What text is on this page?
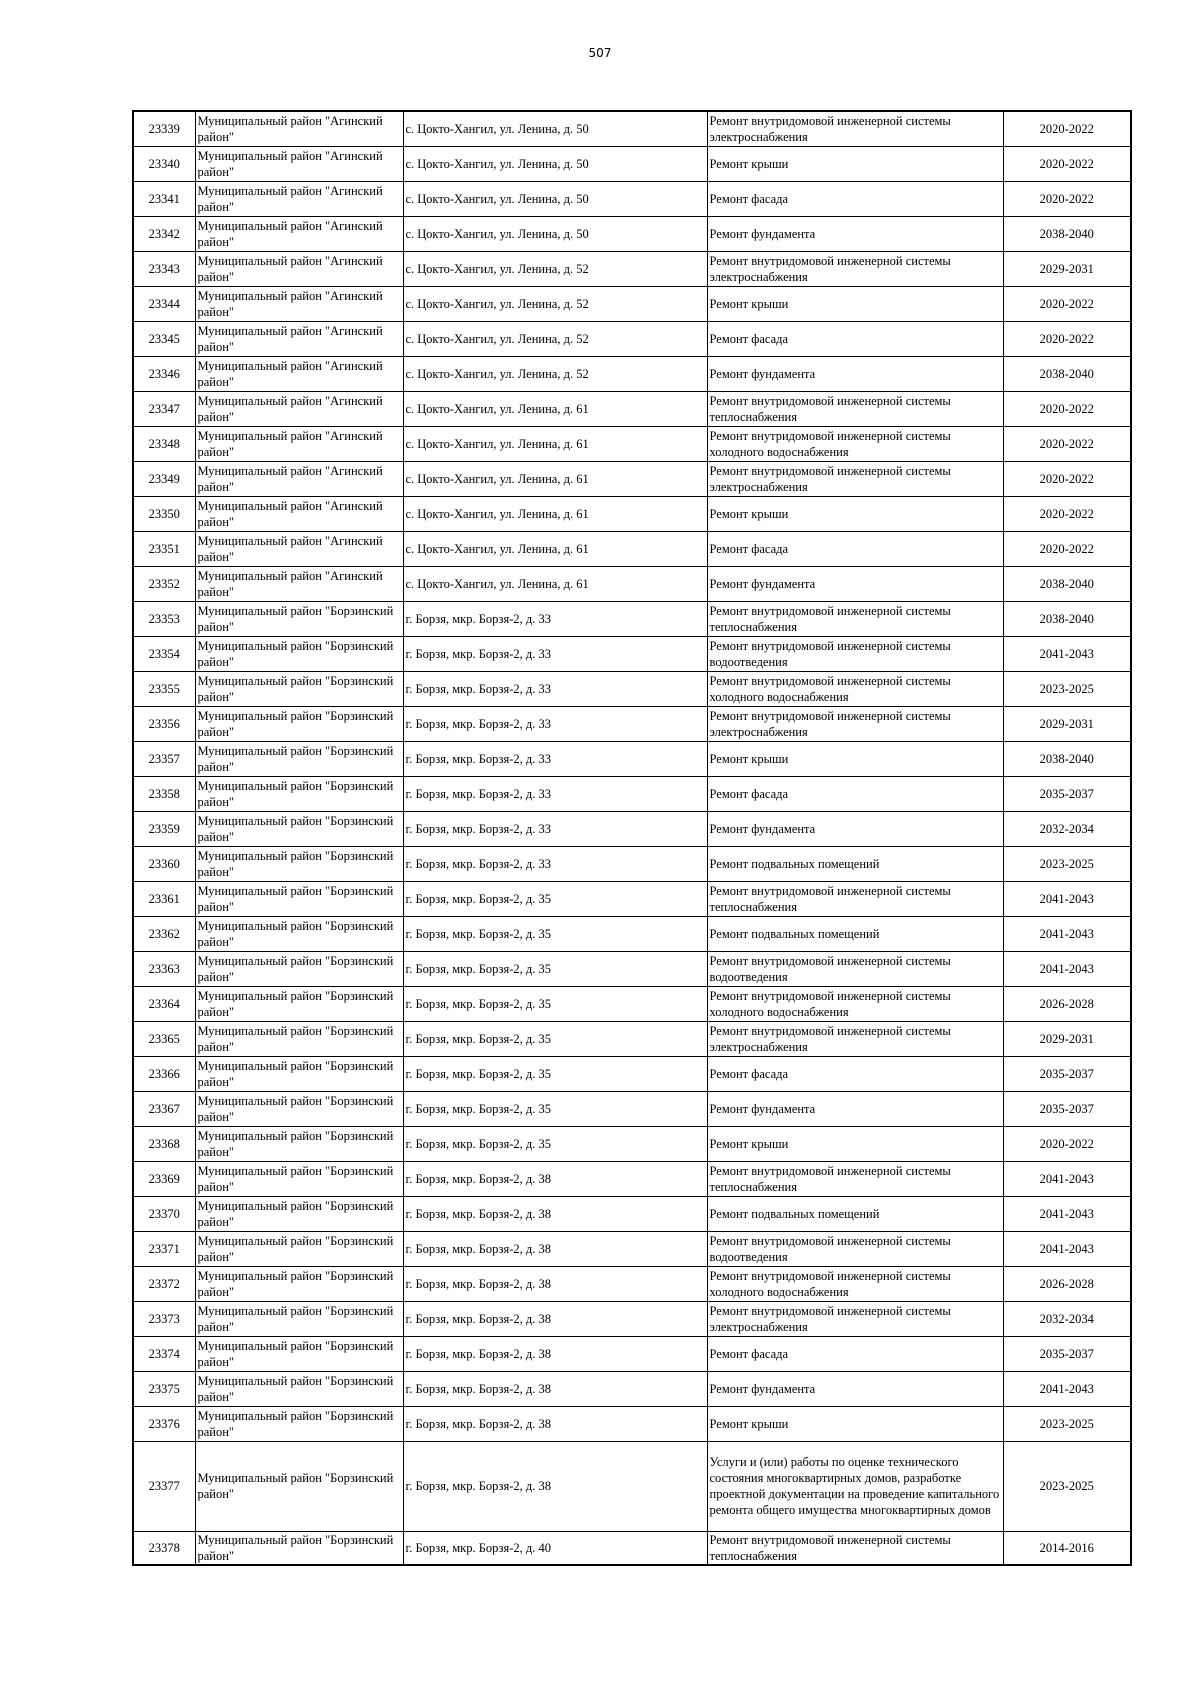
507
23339	Муниципальный район "Агинский район"	с. Цокто-Хангил, ул. Ленина, д. 50	Ремонт внутридомовой инженерной системы электроснабжения	2020-2022
23340	Муниципальный район "Агинский район"	с. Цокто-Хангил, ул. Ленина, д. 50	Ремонт крыши	2020-2022
23341	Муниципальный район "Агинский район"	с. Цокто-Хангил, ул. Ленина, д. 50	Ремонт фасада	2020-2022
23342	Муниципальный район "Агинский район"	с. Цокто-Хангил, ул. Ленина, д. 50	Ремонт фундамента	2038-2040
23343	Муниципальный район "Агинский район"	с. Цокто-Хангил, ул. Ленина, д. 52	Ремонт внутридомовой инженерной системы электроснабжения	2029-2031
23344	Муниципальный район "Агинский район"	с. Цокто-Хангил, ул. Ленина, д. 52	Ремонт крыши	2020-2022
23345	Муниципальный район "Агинский район"	с. Цокто-Хангил, ул. Ленина, д. 52	Ремонт фасада	2020-2022
23346	Муниципальный район "Агинский район"	с. Цокто-Хангил, ул. Ленина, д. 52	Ремонт фундамента	2038-2040
23347	Муниципальный район "Агинский район"	с. Цокто-Хангил, ул. Ленина, д. 61	Ремонт внутридомовой инженерной системы теплоснабжения	2020-2022
23348	Муниципальный район "Агинский район"	с. Цокто-Хангил, ул. Ленина, д. 61	Ремонт внутридомовой инженерной системы холодного водоснабжения	2020-2022
23349	Муниципальный район "Агинский район"	с. Цокто-Хангил, ул. Ленина, д. 61	Ремонт внутридомовой инженерной системы электроснабжения	2020-2022
23350	Муниципальный район "Агинский район"	с. Цокто-Хангил, ул. Ленина, д. 61	Ремонт крыши	2020-2022
23351	Муниципальный район "Агинский район"	с. Цокто-Хангил, ул. Ленина, д. 61	Ремонт фасада	2020-2022
23352	Муниципальный район "Агинский район"	с. Цокто-Хангил, ул. Ленина, д. 61	Ремонт фундамента	2038-2040
23353	Муниципальный район "Борзинский район"	г. Борзя, мкр. Борзя-2, д. 33	Ремонт внутридомовой инженерной системы теплоснабжения	2038-2040
23354	Муниципальный район "Борзинский район"	г. Борзя, мкр. Борзя-2, д. 33	Ремонт внутридомовой инженерной системы водоотведения	2041-2043
23355	Муниципальный район "Борзинский район"	г. Борзя, мкр. Борзя-2, д. 33	Ремонт внутридомовой инженерной системы холодного водоснабжения	2023-2025
23356	Муниципальный район "Борзинский район"	г. Борзя, мкр. Борзя-2, д. 33	Ремонт внутридомовой инженерной системы электроснабжения	2029-2031
23357	Муниципальный район "Борзинский район"	г. Борзя, мкр. Борзя-2, д. 33	Ремонт крыши	2038-2040
23358	Муниципальный район "Борзинский район"	г. Борзя, мкр. Борзя-2, д. 33	Ремонт фасада	2035-2037
23359	Муниципальный район "Борзинский район"	г. Борзя, мкр. Борзя-2, д. 33	Ремонт фундамента	2032-2034
23360	Муниципальный район "Борзинский район"	г. Борзя, мкр. Борзя-2, д. 33	Ремонт подвальных помещений	2023-2025
23361	Муниципальный район "Борзинский район"	г. Борзя, мкр. Борзя-2, д. 35	Ремонт внутридомовой инженерной системы теплоснабжения	2041-2043
23362	Муниципальный район "Борзинский район"	г. Борзя, мкр. Борзя-2, д. 35	Ремонт подвальных помещений	2041-2043
23363	Муниципальный район "Борзинский район"	г. Борзя, мкр. Борзя-2, д. 35	Ремонт внутридомовой инженерной системы водоотведения	2041-2043
23364	Муниципальный район "Борзинский район"	г. Борзя, мкр. Борзя-2, д. 35	Ремонт внутридомовой инженерной системы холодного водоснабжения	2026-2028
23365	Муниципальный район "Борзинский район"	г. Борзя, мкр. Борзя-2, д. 35	Ремонт внутридомовой инженерной системы электроснабжения	2029-2031
23366	Муниципальный район "Борзинский район"	г. Борзя, мкр. Борзя-2, д. 35	Ремонт фасада	2035-2037
23367	Муниципальный район "Борзинский район"	г. Борзя, мкр. Борзя-2, д. 35	Ремонт фундамента	2035-2037
23368	Муниципальный район "Борзинский район"	г. Борзя, мкр. Борзя-2, д. 35	Ремонт крыши	2020-2022
23369	Муниципальный район "Борзинский район"	г. Борзя, мкр. Борзя-2, д. 38	Ремонт внутридомовой инженерной системы теплоснабжения	2041-2043
23370	Муниципальный район "Борзинский район"	г. Борзя, мкр. Борзя-2, д. 38	Ремонт подвальных помещений	2041-2043
23371	Муниципальный район "Борзинский район"	г. Борзя, мкр. Борзя-2, д. 38	Ремонт внутридомовой инженерной системы водоотведения	2041-2043
23372	Муниципальный район "Борзинский район"	г. Борзя, мкр. Борзя-2, д. 38	Ремонт внутридомовой инженерной системы холодного водоснабжения	2026-2028
23373	Муниципальный район "Борзинский район"	г. Борзя, мкр. Борзя-2, д. 38	Ремонт внутридомовой инженерной системы электроснабжения	2032-2034
23374	Муниципальный район "Борзинский район"	г. Борзя, мкр. Борзя-2, д. 38	Ремонт фасада	2035-2037
23375	Муниципальный район "Борзинский район"	г. Борзя, мкр. Борзя-2, д. 38	Ремонт фундамента	2041-2043
23376	Муниципальный район "Борзинский район"	г. Борзя, мкр. Борзя-2, д. 38	Ремонт крыши	2023-2025
23377	Муниципальный район "Борзинский район"	г. Борзя, мкр. Борзя-2, д. 38	Услуги и (или) работы по оценке технического состояния многоквартирных домов, разработке проектной документации на проведение капитального ремонта общего имущества многоквартирных домов	2023-2025
23378	Муниципальный район "Борзинский район"	г. Борзя, мкр. Борзя-2, д. 40	Ремонт внутридомовой инженерной системы теплоснабжения	2014-2016
